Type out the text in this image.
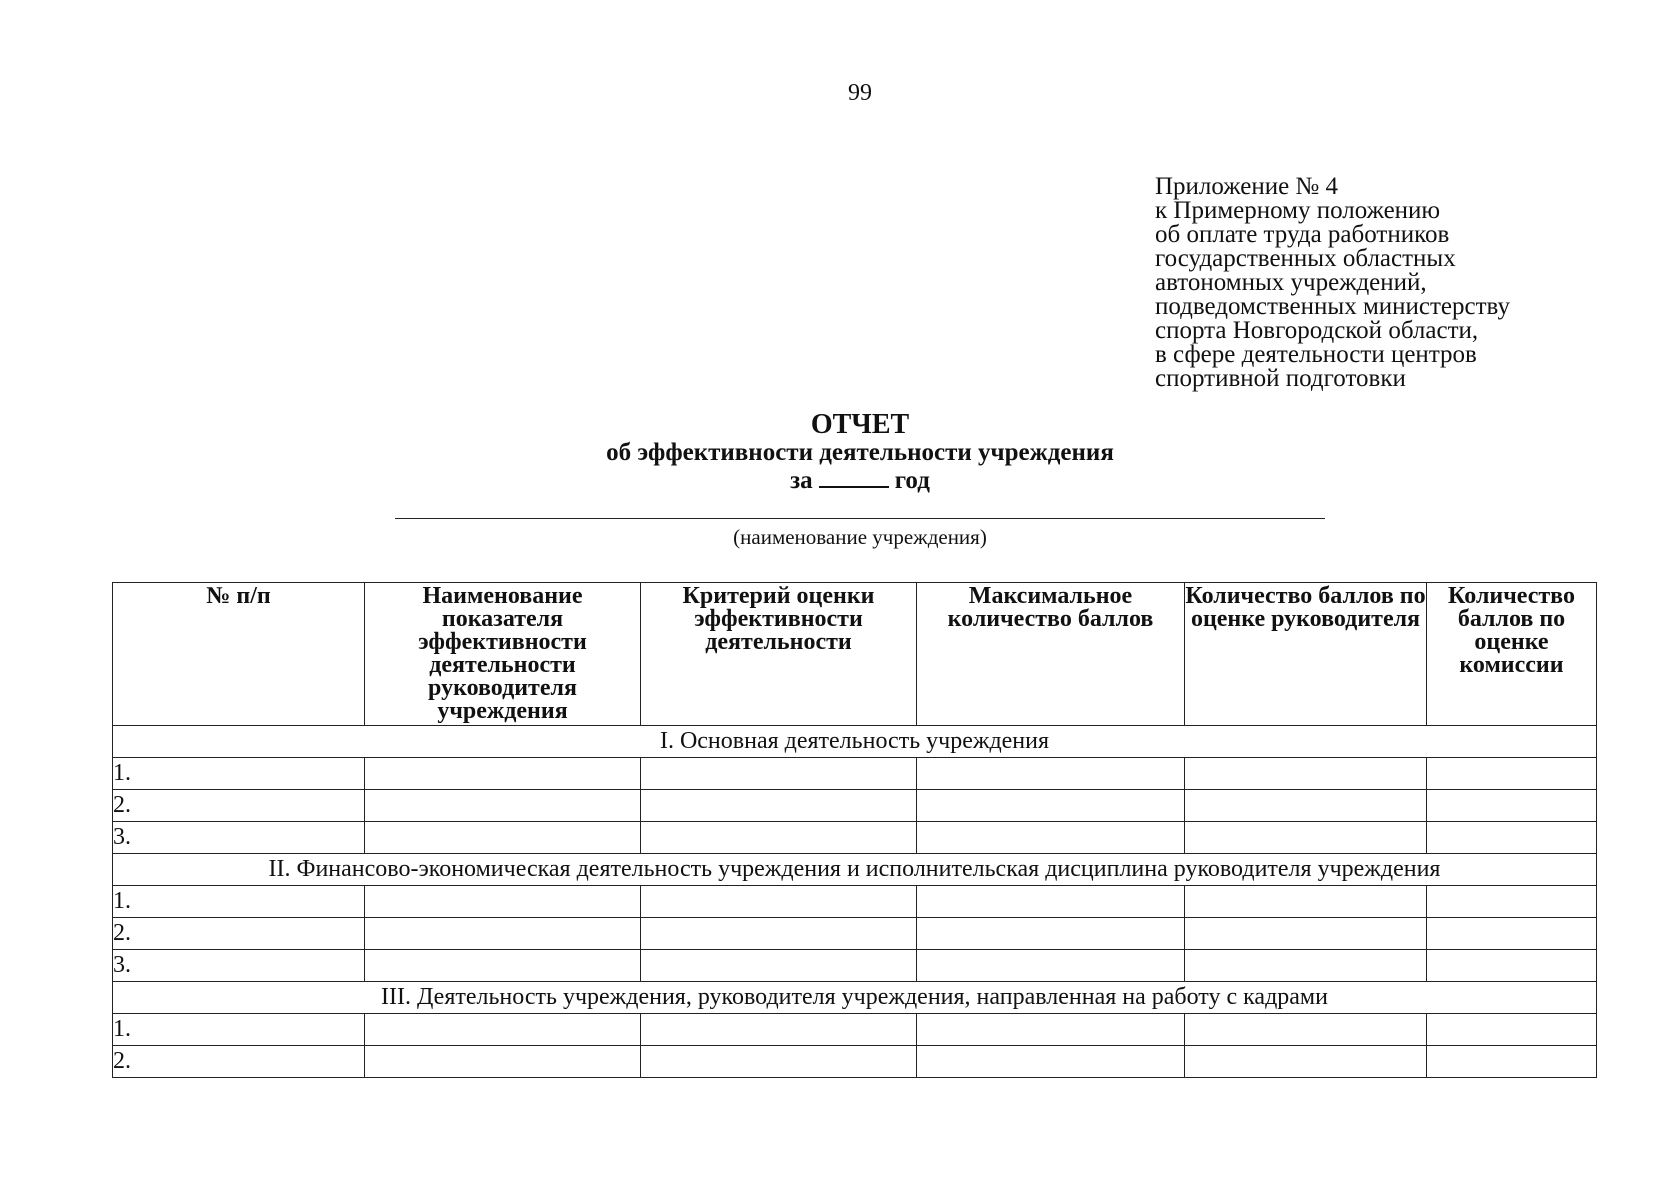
99
Приложение № 4
к Примерному положению
об оплате труда работников
государственных областных
автономных учреждений,
подведомственных министерству
спорта Новгородской области,
в сфере деятельности центров
спортивной подготовки
ОТЧЕТ
об эффективности деятельности учреждения
за	год
(наименование учреждения)
№ п/п	Наименование показателя эффективности деятельности руководителя учреждения	Критерий оценки эффективности деятельности	Максимальное количество баллов	Количество баллов по оценке руководителя	Количество баллов по оценке комиссии
I. Основная деятельность учреждения					
1.					
2.					
3.					
II. Финансово-экономическая деятельность учреждения и исполнительская дисциплина руководителя учреждения					
1.					
2.					
3.					
III. Деятельность учреждения, руководителя учреждения, направленная на работу с кадрами					
1.					
2.					
